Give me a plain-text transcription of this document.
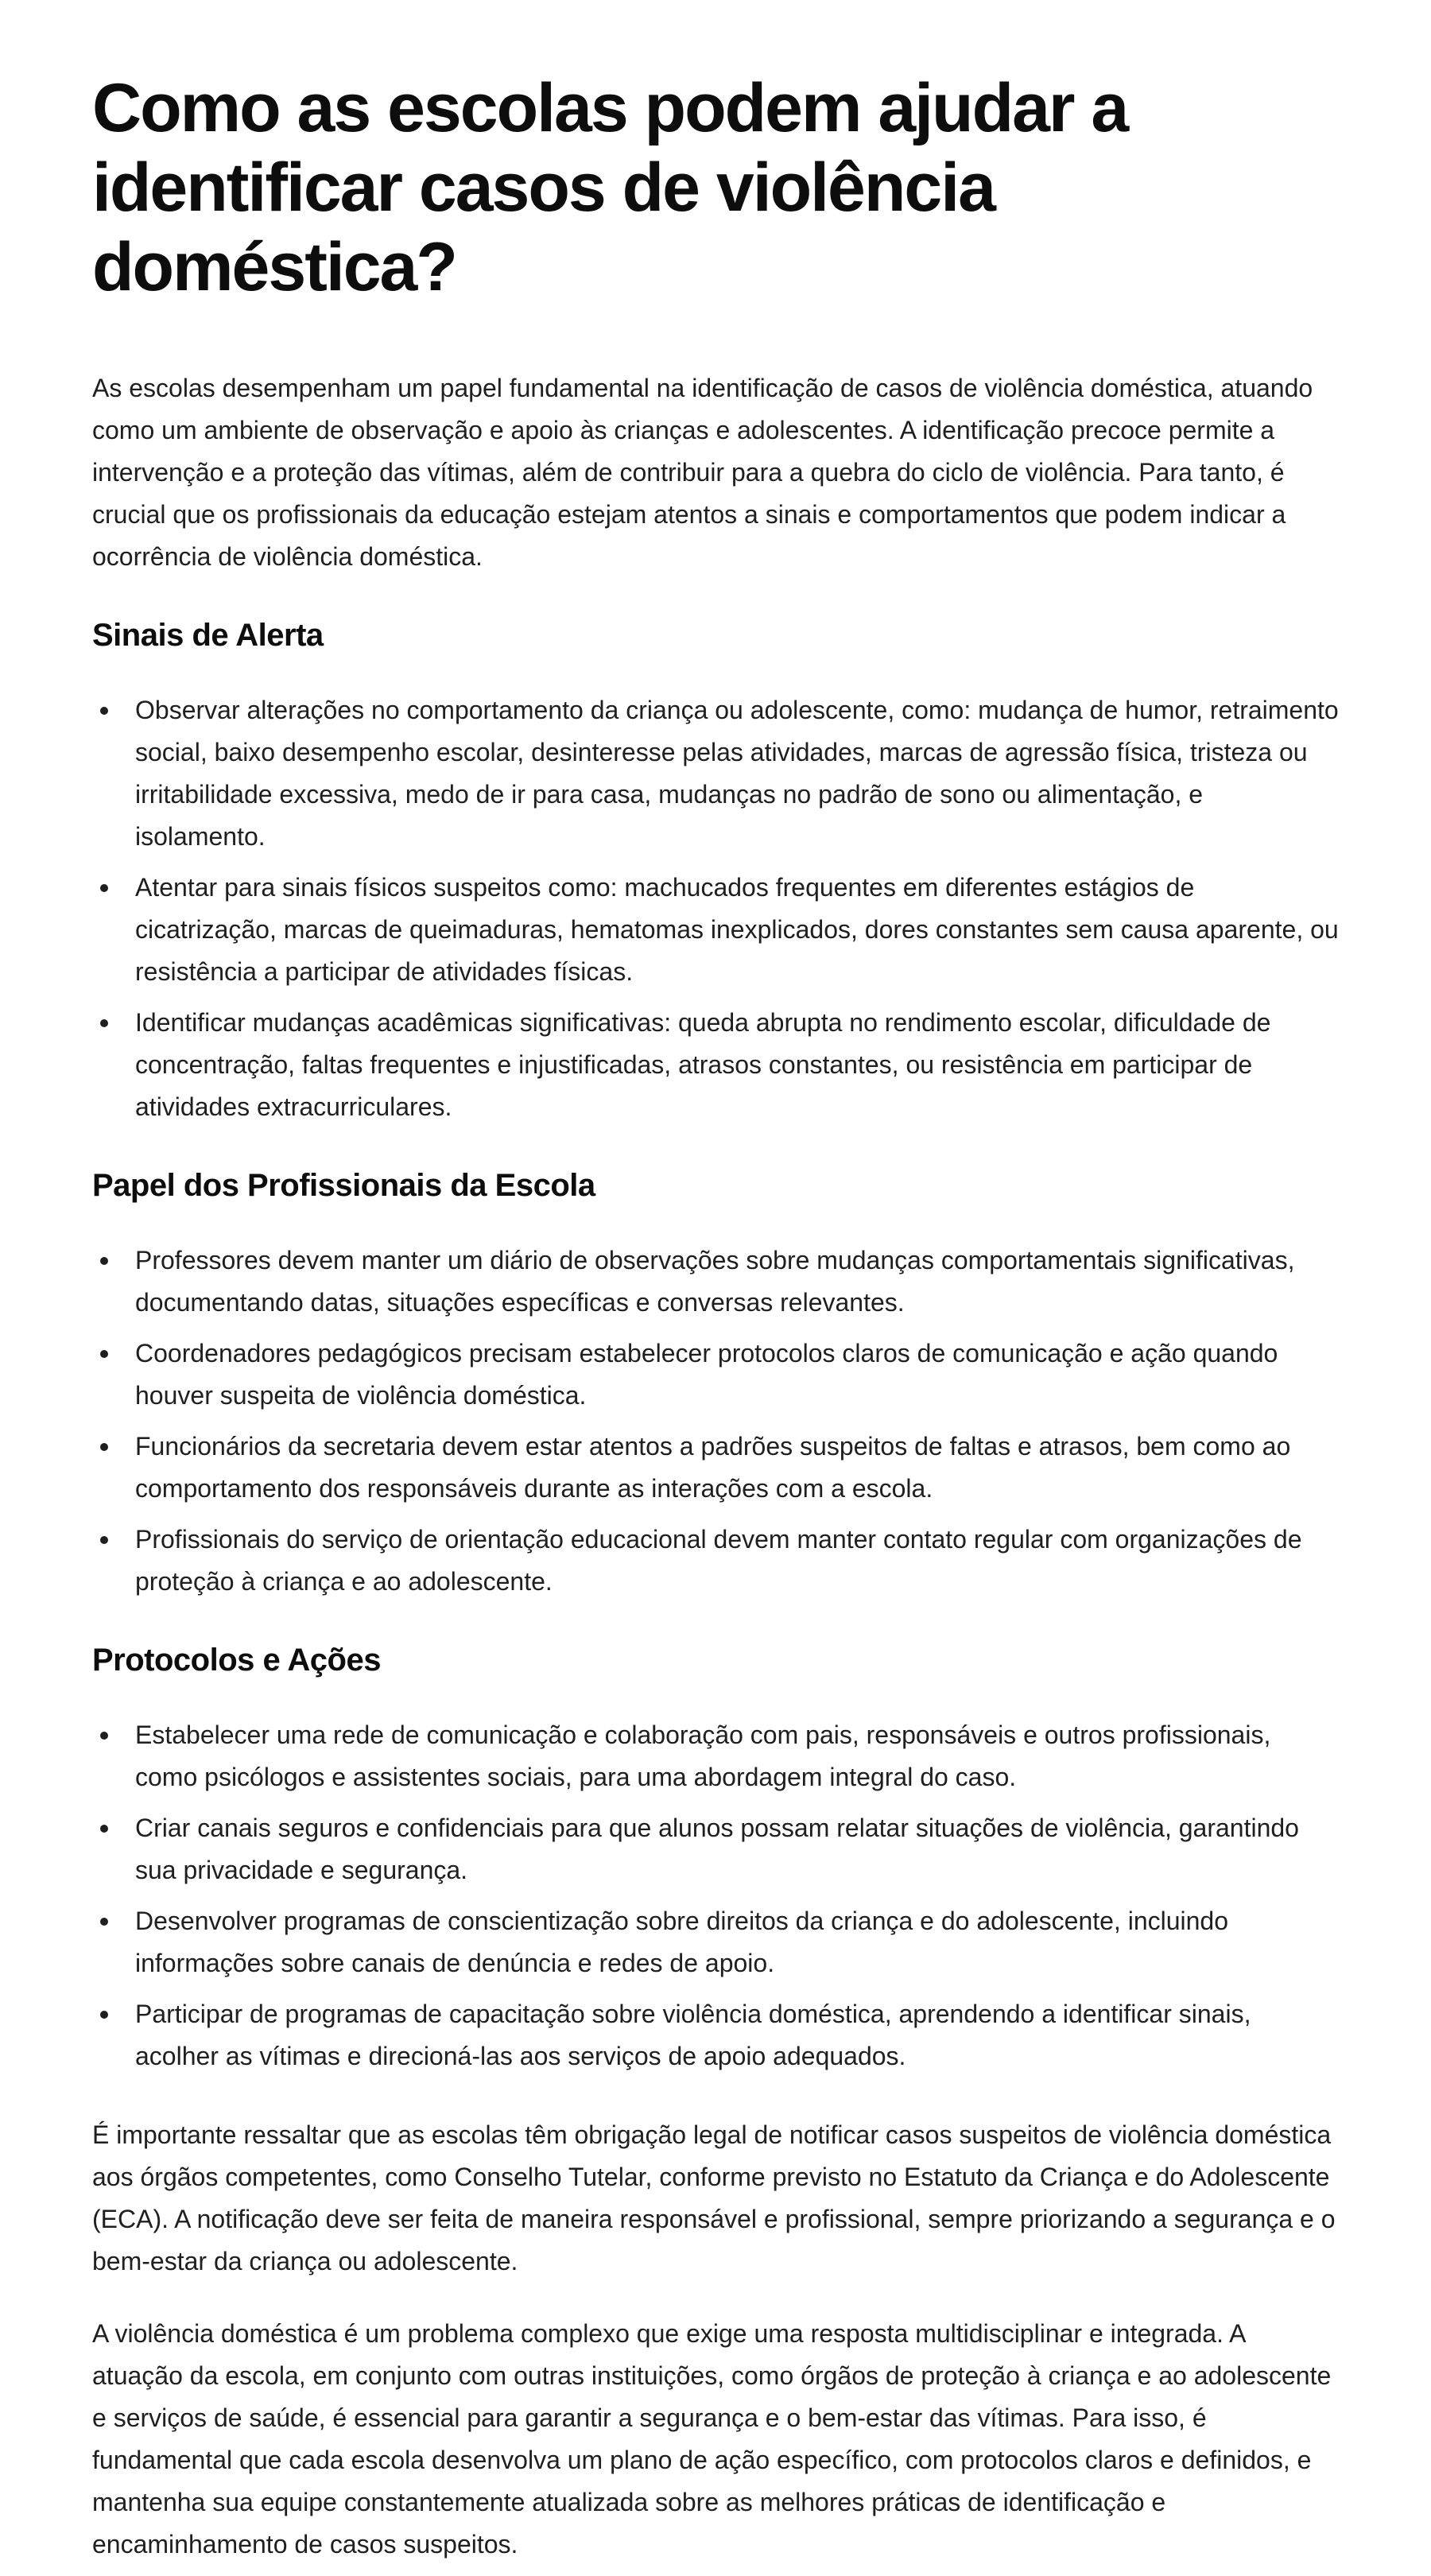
Como as escolas podem ajudar a identificar casos de violência doméstica?

As escolas desempenham um papel fundamental na identificação de casos de violência doméstica, atuando como um ambiente de observação e apoio às crianças e adolescentes. A identificação precoce permite a intervenção e a proteção das vítimas, além de contribuir para a quebra do ciclo de violência. Para tanto, é crucial que os profissionais da educação estejam atentos a sinais e comportamentos que podem indicar a ocorrência de violência doméstica.

Sinais de Alerta
Observar alterações no comportamento da criança ou adolescente, como: mudança de humor, retraimento social, baixo desempenho escolar, desinteresse pelas atividades, marcas de agressão física, tristeza ou irritabilidade excessiva, medo de ir para casa, mudanças no padrão de sono ou alimentação, e isolamento.
Atentar para sinais físicos suspeitos como: machucados frequentes em diferentes estágios de cicatrização, marcas de queimaduras, hematomas inexplicados, dores constantes sem causa aparente, ou resistência a participar de atividades físicas.
Identificar mudanças acadêmicas significativas: queda abrupta no rendimento escolar, dificuldade de concentração, faltas frequentes e injustificadas, atrasos constantes, ou resistência em participar de atividades extracurriculares.
Papel dos Profissionais da Escola
Professores devem manter um diário de observações sobre mudanças comportamentais significativas, documentando datas, situações específicas e conversas relevantes.
Coordenadores pedagógicos precisam estabelecer protocolos claros de comunicação e ação quando houver suspeita de violência doméstica.
Funcionários da secretaria devem estar atentos a padrões suspeitos de faltas e atrasos, bem como ao comportamento dos responsáveis durante as interações com a escola.
Profissionais do serviço de orientação educacional devem manter contato regular com organizações de proteção à criança e ao adolescente.
Protocolos e Ações
Estabelecer uma rede de comunicação e colaboração com pais, responsáveis e outros profissionais, como psicólogos e assistentes sociais, para uma abordagem integral do caso.
Criar canais seguros e confidenciais para que alunos possam relatar situações de violência, garantindo sua privacidade e segurança.
Desenvolver programas de conscientização sobre direitos da criança e do adolescente, incluindo informações sobre canais de denúncia e redes de apoio.
Participar de programas de capacitação sobre violência doméstica, aprendendo a identificar sinais, acolher as vítimas e direcioná-las aos serviços de apoio adequados.

É importante ressaltar que as escolas têm obrigação legal de notificar casos suspeitos de violência doméstica aos órgãos competentes, como Conselho Tutelar, conforme previsto no Estatuto da Criança e do Adolescente (ECA). A notificação deve ser feita de maneira responsável e profissional, sempre priorizando a segurança e o bem-estar da criança ou adolescente.

A violência doméstica é um problema complexo que exige uma resposta multidisciplinar e integrada. A atuação da escola, em conjunto com outras instituições, como órgãos de proteção à criança e ao adolescente e serviços de saúde, é essencial para garantir a segurança e o bem-estar das vítimas. Para isso, é fundamental que cada escola desenvolva um plano de ação específico, com protocolos claros e definidos, e mantenha sua equipe constantemente atualizada sobre as melhores práticas de identificação e encaminhamento de casos suspeitos.
